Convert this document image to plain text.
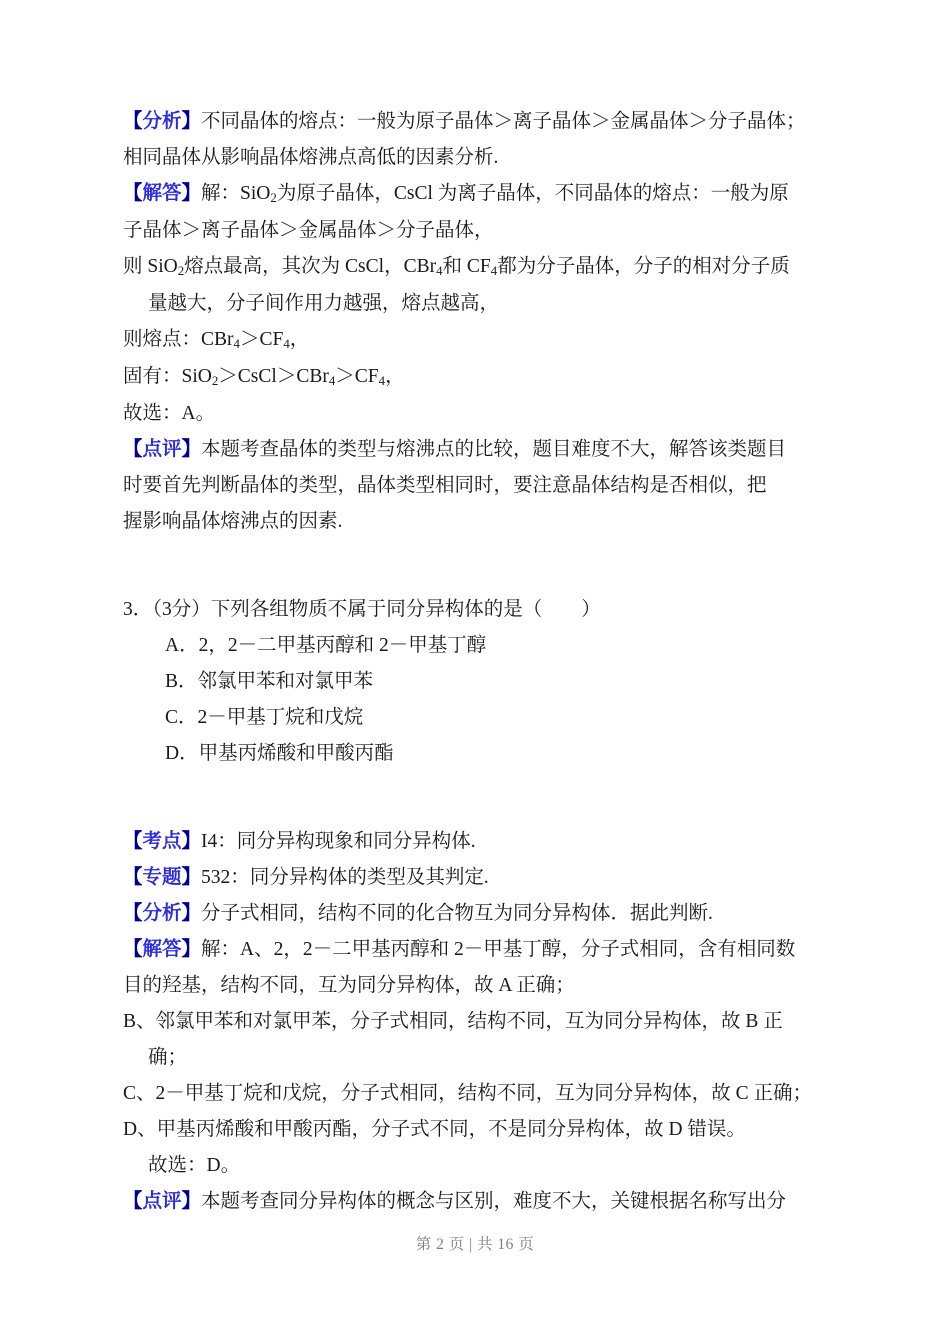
【分析】不同晶体的熔点：一般为原子晶体＞离子晶体＞金属晶体＞分子晶体；
相同晶体从影响晶体熔沸点高低的因素分析.
【解答】解：SiO$_2$为原子晶体，CsCl 为离子晶体，不同晶体的熔点：一般为原
子晶体＞离子晶体＞金属晶体＞分子晶体，
则 SiO$_2$熔点最高，其次为 CsCl，CBr$_4$和 $CF_4$都为分子晶体，分子的相对分子质
量越大，分子间作用力越强，熔点越高，
则熔点：$CBr_4>CF_4$，
固有：$SiO_2>CsCl>CBr_4>CF_4$，
故选：A。
【点评】本题考查晶体的类型与熔沸点的比较，题目难度不大，解答该类题目
时要首先判断晶体的类型，晶体类型相同时，要注意晶体结构是否相似，把
握影响晶体熔沸点的因素.
3．（3分）下列各组物质不属于同分异构体的是（　　）
A．2，2－二甲基丙醇和 2－甲基丁醇
B．邻氯甲苯和对氯甲苯
C．2－甲基丁烷和戊烷
D．甲基丙烯酸和甲酸丙酯
【考点】I4：同分异构现象和同分异构体.
【专题】532：同分异构体的类型及其判定.
【分析】分子式相同，结构不同的化合物互为同分异构体．据此判断.
【解答】解：A、2，2－二甲基丙醇和 2－甲基丁醇，分子式相同，含有相同数
目的羟基，结构不同，互为同分异构体，故 A 正确；
B、邻氯甲苯和对氯甲苯，分子式相同，结构不同，互为同分异构体，故 B 正
确；
C、2－甲基丁烷和戊烷，分子式相同，结构不同，互为同分异构体，故 C 正确；
D、甲基丙烯酸和甲酸丙酯，分子式不同，不是同分异构体，故 D 错误。
故选：D。
【点评】本题考查同分异构体的概念与区别，难度不大，关键根据名称写出分
第 2 页 | 共 16 页
